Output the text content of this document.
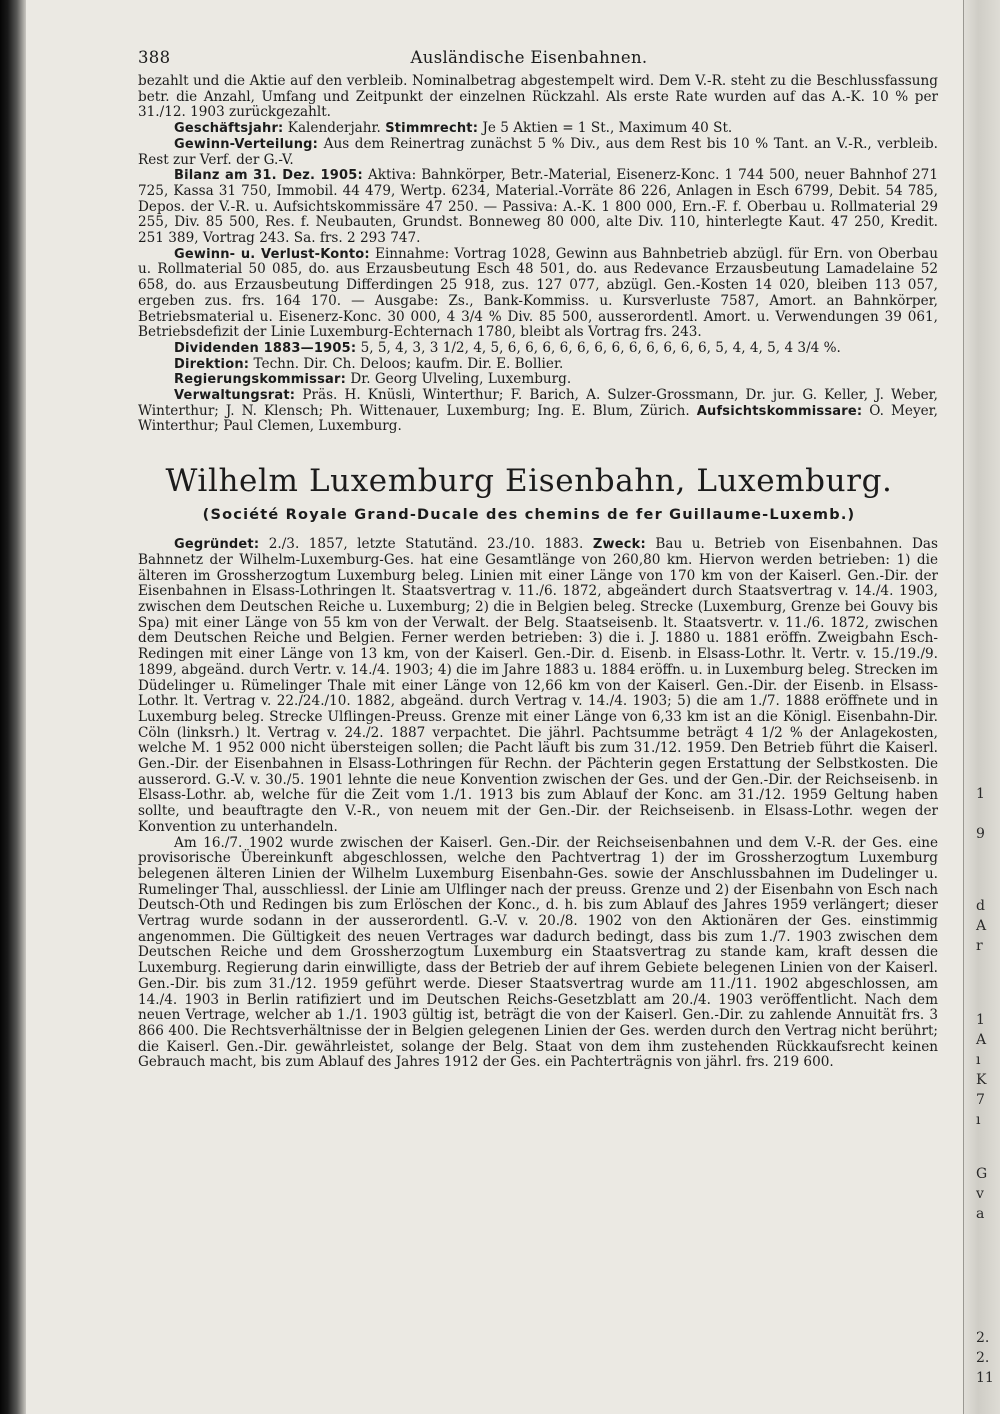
1
9
d
A
r
1
A
ı
K
7
ı
G
v
a
2.
2.
11
388	Ausländische Eisenbahnen.

bezahlt und die Aktie auf den verbleib. Nominalbetrag abgestempelt wird. Dem V.-R. steht zu die Beschlussfassung betr. die Anzahl, Umfang und Zeitpunkt der einzelnen Rückzahl. Als erste Rate wurden auf das A.-K. 10 % per 31./12. 1903 zurückgezahlt.

Geschäftsjahr: Kalenderjahr. Stimmrecht: Je 5 Aktien = 1 St., Maximum 40 St.

Gewinn-Verteilung: Aus dem Reinertrag zunächst 5 % Div., aus dem Rest bis 10 % Tant. an V.-R., verbleib. Rest zur Verf. der G.-V.

Bilanz am 31. Dez. 1905: Aktiva: Bahnkörper, Betr.-Material, Eisenerz-Konc. 1 744 500, neuer Bahnhof 271 725, Kassa 31 750, Immobil. 44 479, Wertp. 6234, Material.-Vorräte 86 226, Anlagen in Esch 6799, Debit. 54 785, Depos. der V.-R. u. Aufsichtskommissäre 47 250. — Passiva: A.-K. 1 800 000, Ern.-F. f. Oberbau u. Rollmaterial 29 255, Div. 85 500, Res. f. Neubauten, Grundst. Bonneweg 80 000, alte Div. 110, hinterlegte Kaut. 47 250, Kredit. 251 389, Vortrag 243. Sa. frs. 2 293 747.

Gewinn- u. Verlust-Konto: Einnahme: Vortrag 1028, Gewinn aus Bahnbetrieb abzügl. für Ern. von Oberbau u. Rollmaterial 50 085, do. aus Erzausbeutung Esch 48 501, do. aus Redevance Erzausbeutung Lamadelaine 52 658, do. aus Erzausbeutung Differdingen 25 918, zus. 127 077, abzügl. Gen.-Kosten 14 020, bleiben 113 057, ergeben zus. frs. 164 170. — Ausgabe: Zs., Bank-Kommiss. u. Kursverluste 7587, Amort. an Bahnkörper, Betriebsmaterial u. Eisenerz-Konc. 30 000, 4 3/4 % Div. 85 500, ausserordentl. Amort. u. Verwendungen 39 061, Betriebsdefizit der Linie Luxemburg-Echternach 1780, bleibt als Vortrag frs. 243.

Dividenden 1883—1905: 5, 5, 4, 3, 3 1/2, 4, 5, 6, 6, 6, 6, 6, 6, 6, 6, 6, 6, 6, 6, 5, 4, 4, 5, 4 3/4 %.

Direktion: Techn. Dir. Ch. Deloos; kaufm. Dir. E. Bollier.

Regierungskommissar: Dr. Georg Ulveling, Luxemburg.

Verwaltungsrat: Präs. H. Knüsli, Winterthur; F. Barich, A. Sulzer-Grossmann, Dr. jur. G. Keller, J. Weber, Winterthur; J. N. Klensch; Ph. Wittenauer, Luxemburg; Ing. E. Blum, Zürich. Aufsichtskommissare: O. Meyer, Winterthur; Paul Clemen, Luxemburg.

Wilhelm Luxemburg Eisenbahn, Luxemburg.
(Société Royale Grand-Ducale des chemins de fer Guillaume-Luxemb.)

Gegründet: 2./3. 1857, letzte Statutänd. 23./10. 1883. Zweck: Bau u. Betrieb von Eisenbahnen. Das Bahnnetz der Wilhelm-Luxemburg-Ges. hat eine Gesamtlänge von 260,80 km. Hiervon werden betrieben: 1) die älteren im Grossherzogtum Luxemburg beleg. Linien mit einer Länge von 170 km von der Kaiserl. Gen.-Dir. der Eisenbahnen in Elsass-Lothringen lt. Staatsvertrag v. 11./6. 1872, abgeändert durch Staatsvertrag v. 14./4. 1903, zwischen dem Deutschen Reiche u. Luxemburg; 2) die in Belgien beleg. Strecke (Luxemburg, Grenze bei Gouvy bis Spa) mit einer Länge von 55 km von der Verwalt. der Belg. Staatseisenb. lt. Staatsvertr. v. 11./6. 1872, zwischen dem Deutschen Reiche und Belgien. Ferner werden betrieben: 3) die i. J. 1880 u. 1881 eröffn. Zweigbahn Esch-Redingen mit einer Länge von 13 km, von der Kaiserl. Gen.-Dir. d. Eisenb. in Elsass-Lothr. lt. Vertr. v. 15./19./9. 1899, abgeänd. durch Vertr. v. 14./4. 1903; 4) die im Jahre 1883 u. 1884 eröffn. u. in Luxemburg beleg. Strecken im Düdelinger u. Rümelinger Thale mit einer Länge von 12,66 km von der Kaiserl. Gen.-Dir. der Eisenb. in Elsass-Lothr. lt. Vertrag v. 22./24./10. 1882, abgeänd. durch Vertrag v. 14./4. 1903; 5) die am 1./7. 1888 eröffnete und in Luxemburg beleg. Strecke Ulflingen-Preuss. Grenze mit einer Länge von 6,33 km ist an die Königl. Eisenbahn-Dir. Cöln (linksrh.) lt. Vertrag v. 24./2. 1887 verpachtet. Die jährl. Pachtsumme beträgt 4 1/2 % der Anlagekosten, welche M. 1 952 000 nicht übersteigen sollen; die Pacht läuft bis zum 31./12. 1959. Den Betrieb führt die Kaiserl. Gen.-Dir. der Eisenbahnen in Elsass-Lothringen für Rechn. der Pächterin gegen Erstattung der Selbstkosten. Die ausserord. G.-V. v. 30./5. 1901 lehnte die neue Konvention zwischen der Ges. und der Gen.-Dir. der Reichseisenb. in Elsass-Lothr. ab, welche für die Zeit vom 1./1. 1913 bis zum Ablauf der Konc. am 31./12. 1959 Geltung haben sollte, und beauftragte den V.-R., von neuem mit der Gen.-Dir. der Reichseisenb. in Elsass-Lothr. wegen der Konvention zu unterhandeln.

Am 16./7. 1902 wurde zwischen der Kaiserl. Gen.-Dir. der Reichseisenbahnen und dem V.-R. der Ges. eine provisorische Übereinkunft abgeschlossen, welche den Pachtvertrag 1) der im Grossherzogtum Luxemburg belegenen älteren Linien der Wilhelm Luxemburg Eisenbahn-Ges. sowie der Anschlussbahnen im Dudelinger u. Rumelinger Thal, ausschliessl. der Linie am Ulflinger nach der preuss. Grenze und 2) der Eisenbahn von Esch nach Deutsch-Oth und Redingen bis zum Erlöschen der Konc., d. h. bis zum Ablauf des Jahres 1959 verlängert; dieser Vertrag wurde sodann in der ausserordentl. G.-V. v. 20./8. 1902 von den Aktionären der Ges. einstimmig angenommen. Die Gültigkeit des neuen Vertrages war dadurch bedingt, dass bis zum 1./7. 1903 zwischen dem Deutschen Reiche und dem Grossherzogtum Luxemburg ein Staatsvertrag zu stande kam, kraft dessen die Luxemburg. Regierung darin einwilligte, dass der Betrieb der auf ihrem Gebiete belegenen Linien von der Kaiserl. Gen.-Dir. bis zum 31./12. 1959 geführt werde. Dieser Staatsvertrag wurde am 11./11. 1902 abgeschlossen, am 14./4. 1903 in Berlin ratifiziert und im Deutschen Reichs-Gesetzblatt am 20./4. 1903 veröffentlicht. Nach dem neuen Vertrage, welcher ab 1./1. 1903 gültig ist, beträgt die von der Kaiserl. Gen.-Dir. zu zahlende Annuität frs. 3 866 400. Die Rechtsverhältnisse der in Belgien gelegenen Linien der Ges. werden durch den Vertrag nicht berührt; die Kaiserl. Gen.-Dir. gewährleistet, solange der Belg. Staat von dem ihm zustehenden Rückkaufsrecht keinen Gebrauch macht, bis zum Ablauf des Jahres 1912 der Ges. ein Pachterträgnis von jährl. frs. 219 600.
